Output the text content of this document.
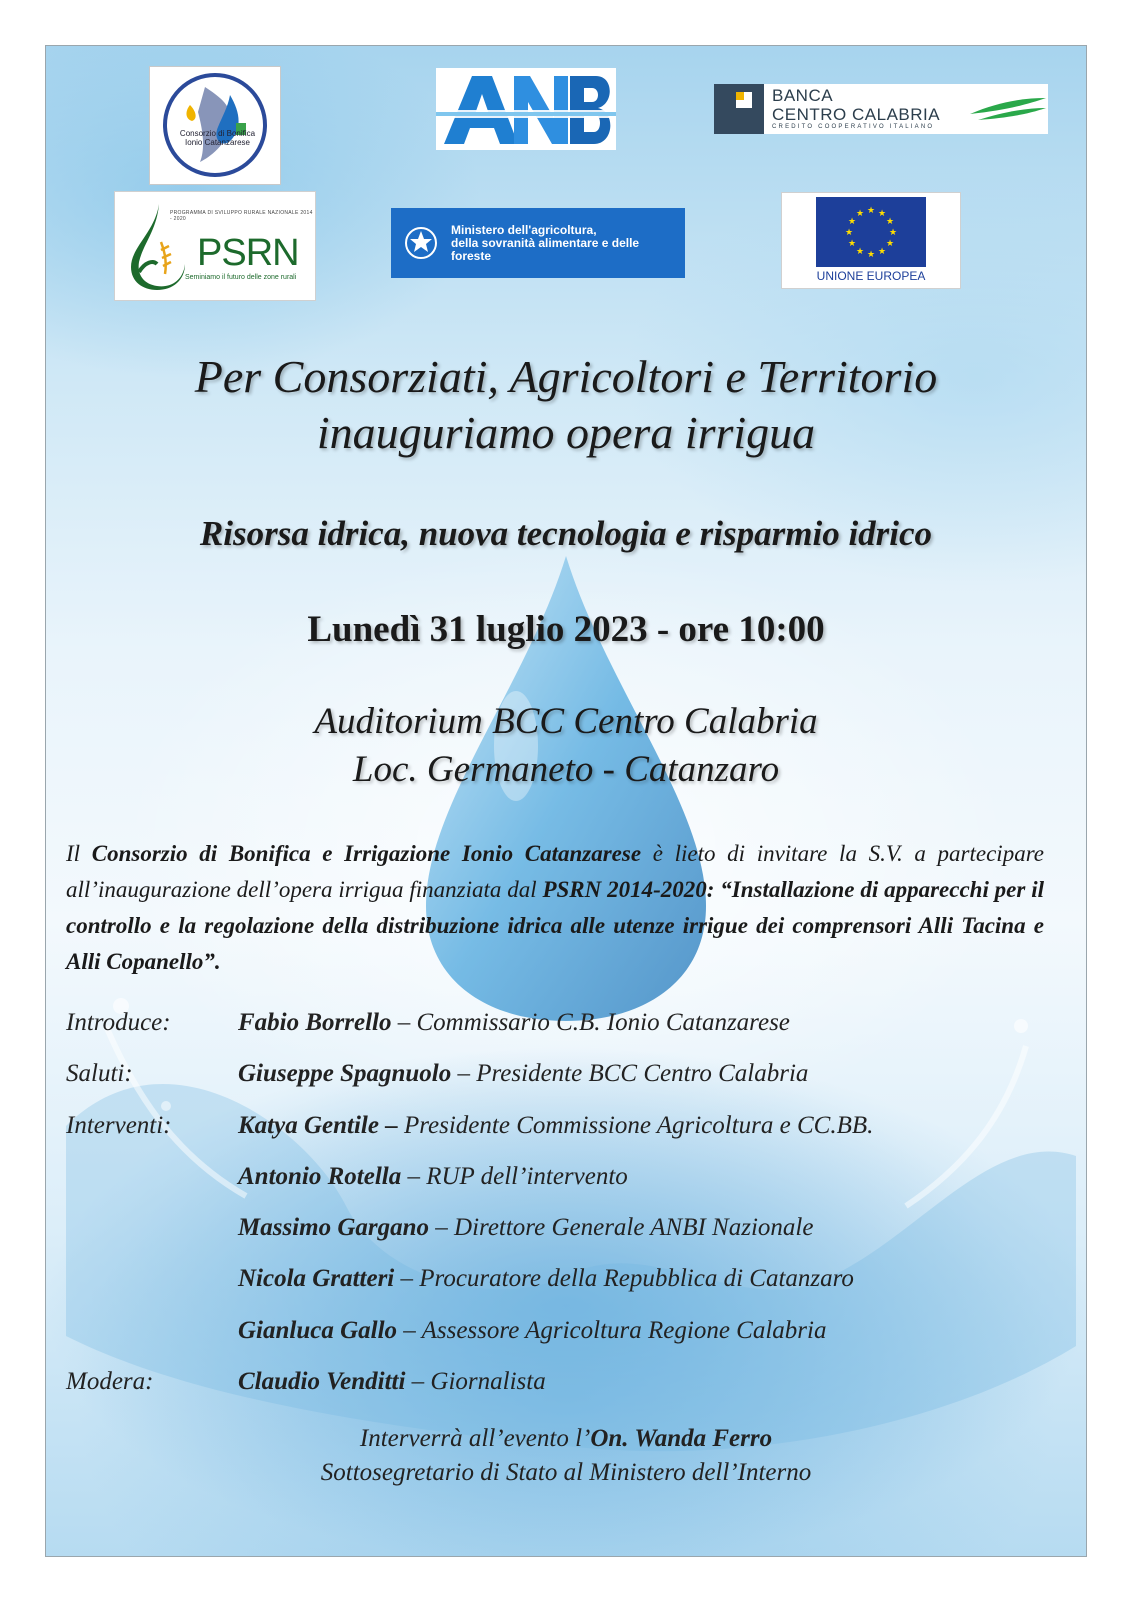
Consorzio di Bonifica
Ionio Catanzarese
BANCA
CENTRO CALABRIA
CREDITO COOPERATIVO ITALIANO
PROGRAMMA DI SVILUPPO RURALE NAZIONALE 2014 - 2020
PSRN
Seminiamo il futuro delle zone rurali
Ministero dell'agricoltura,
della sovranità alimentare e delle
foreste
★ ★
★
★
★
★
★
★
★
★
★
★
UNIONE EUROPEA
Per Consorziati, Agricoltori e Territorio
inauguriamo opera irrigua
Risorsa idrica, nuova tecnologia e risparmio idrico
Lunedì 31 luglio 2023 - ore 10:00
Auditorium BCC Centro Calabria
Loc. Germaneto - Catanzaro
Il Consorzio di Bonifica e Irrigazione Ionio Catanzarese è lieto di invitare la S.V. a partecipare all’inaugurazione dell’opera irrigua finanziata dal PSRN 2014-2020: “Installazione di apparecchi per il controllo e la regolazione della distribuzione idrica alle utenze irrigue dei comprensori Alli Tacina e Alli Copanello”.
Introduce:	Fabio Borrello – Commissario C.B. Ionio Catanzarese
Saluti:	Giuseppe Spagnuolo – Presidente BCC Centro Calabria
Interventi:	Katya Gentile – Presidente Commissione Agricoltura e CC.BB.
Antonio Rotella – RUP dell’intervento
Massimo Gargano – Direttore Generale ANBI Nazionale
Nicola Gratteri – Procuratore della Repubblica di Catanzaro
Gianluca Gallo – Assessore Agricoltura Regione Calabria
Modera:	Claudio Venditti – Giornalista
Interverrà all’evento l’On. Wanda Ferro
Sottosegretario di Stato al Ministero dell’Interno
